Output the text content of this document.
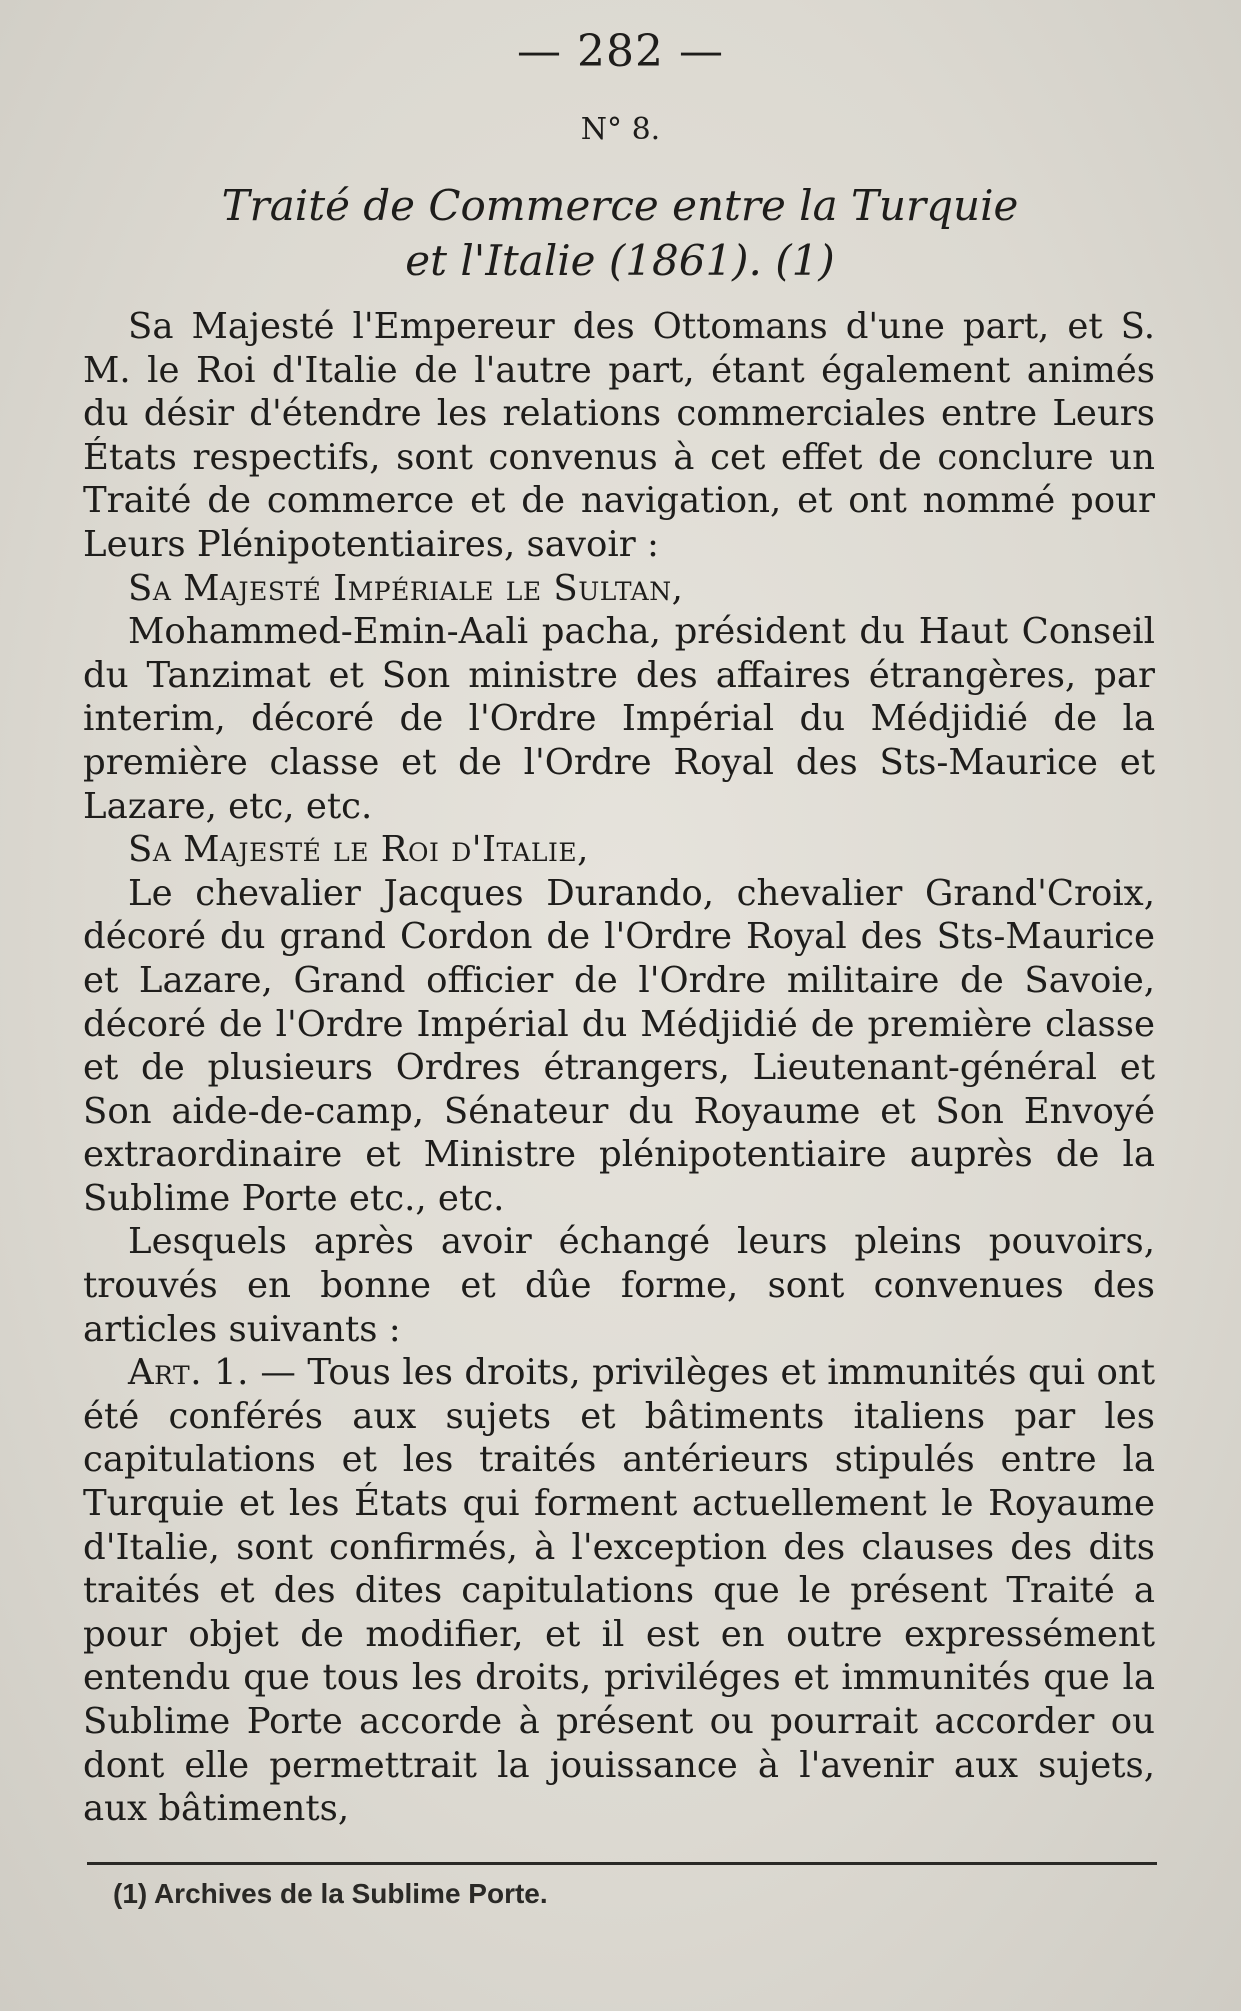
— 282 —
N° 8.
Traité de Commerce entre la Turquie
et l'Italie (1861). (1)

Sa Majesté l'Empereur des Ottomans d'une part, et S. M. le Roi d'Italie de l'autre part, étant également animés du désir d'étendre les relations commerciales entre Leurs États respectifs, sont convenus à cet effet de conclure un Traité de commerce et de navigation, et ont nommé pour Leurs Plénipotentiaires, savoir :

Sa Majesté Impériale le Sultan,

Mohammed-Emin-Aali pacha, président du Haut Conseil du Tanzimat et Son ministre des affaires étrangères, par interim, décoré de l'Ordre Impérial du Médjidié de la première classe et de l'Ordre Royal des Sts-Maurice et Lazare, etc, etc.

Sa Majesté le Roi d'Italie,

Le chevalier Jacques Durando, chevalier Grand'Croix, décoré du grand Cordon de l'Ordre Royal des Sts-Maurice et Lazare, Grand officier de l'Ordre militaire de Savoie, décoré de l'Ordre Impérial du Médjidié de première classe et de plusieurs Ordres étrangers, Lieutenant-général et Son aide-de-camp, Sénateur du Royaume et Son Envoyé extraordinaire et Ministre plénipotentiaire auprès de la Sublime Porte etc., etc.

Lesquels après avoir échangé leurs pleins pouvoirs, trouvés en bonne et dûe forme, sont convenues des articles suivants :

Art. 1. — Tous les droits, privilèges et immunités qui ont été conférés aux sujets et bâtiments italiens par les capitulations et les traités antérieurs stipulés entre la Turquie et les États qui forment actuellement le Royaume d'Italie, sont confirmés, à l'exception des clauses des dits traités et des dites capitulations que le présent Traité a pour objet de modifier, et il est en outre expressément entendu que tous les droits, priviléges et immunités que la Sublime Porte accorde à présent ou pourrait accorder ou dont elle permettrait la jouissance à l'avenir aux sujets, aux bâtiments,

(1) Archives de la Sublime Porte.
